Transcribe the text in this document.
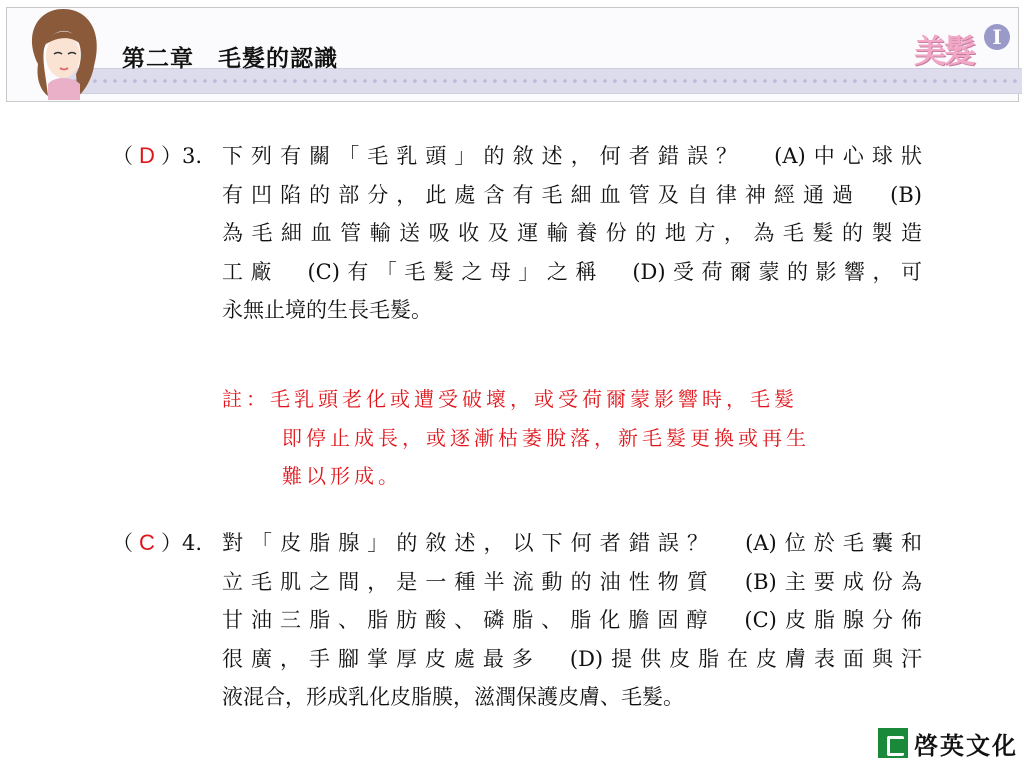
第二章　毛髮的認識	美髮 I
（ D ）3. 下列有關「毛乳頭」的敘述，何者錯誤？　(A)中心球狀
有凹陷的部分，此處含有毛細血管及自律神經通過　(B)
為毛細血管輸送吸收及運輸養份的地方，為毛髮的製造
工廠　(C)有「毛髮之母」之稱　(D)受荷爾蒙的影響，可
永無止境的生長毛髮。
註：毛乳頭老化或遭受破壞，或受荷爾蒙影響時，毛髮
即停止成長，或逐漸枯萎脫落，新毛髮更換或再生
難以形成。
（ C ）4. 對「皮脂腺」的敘述，以下何者錯誤？　(A)位於毛囊和
立毛肌之間，是一種半流動的油性物質　(B)主要成份為
甘油三脂、脂肪酸、磷脂、脂化膽固醇　(C)皮脂腺分佈
很廣，手腳掌厚皮處最多　(D)提供皮脂在皮膚表面與汗
液混合，形成乳化皮脂膜，滋潤保護皮膚、毛髮。
啓英文化
